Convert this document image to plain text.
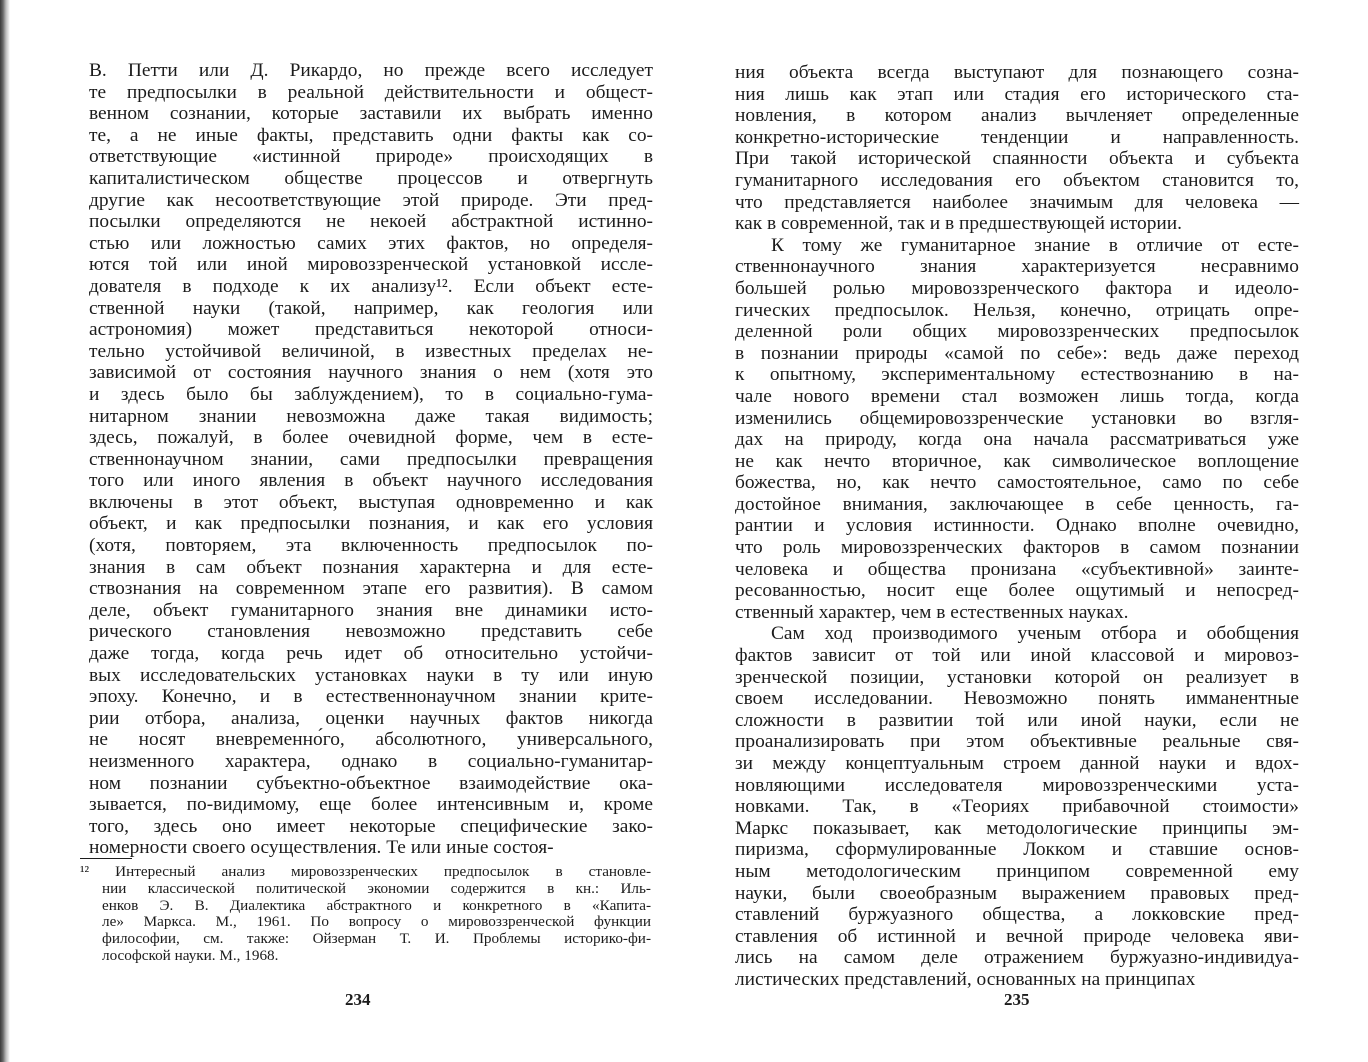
В. Петти или Д. Рикардо, но прежде всего исследует
те предпосылки в реальной действительности и общест-
венном сознании, которые заставили их выбрать именно
те, а не иные факты, представить одни факты как со-
ответствующие «истинной природе» происходящих в
капиталистическом обществе процессов и отвергнуть
другие как несоответствующие этой природе. Эти пред-
посылки определяются не некоей абстрактной истинно-
стью или ложностью самих этих фактов, но определя-
ются той или иной мировоззренческой установкой иссле-
дователя в подходе к их анализу¹². Если объект есте-
ственной науки (такой, например, как геология или
астрономия) может представиться некоторой относи-
тельно устойчивой величиной, в известных пределах не-
зависимой от состояния научного знания о нем (хотя это
и здесь было бы заблуждением), то в социально-гума-
нитарном знании невозможна даже такая видимость;
здесь, пожалуй, в более очевидной форме, чем в есте-
ственнонаучном знании, сами предпосылки превращения
того или иного явления в объект научного исследования
включены в этот объект, выступая одновременно и как
объект, и как предпосылки познания, и как его условия
(хотя, повторяем, эта включенность предпосылок по-
знания в сам объект познания характерна и для есте-
ствознания на современном этапе его развития). В самом
деле, объект гуманитарного знания вне динамики исто-
рического становления невозможно представить себе
даже тогда, когда речь идет об относительно устойчи-
вых исследовательских установках науки в ту или иную
эпоху. Конечно, и в естественнонаучном знании крите-
рии отбора, анализа, оценки научных фактов никогда
не носят вневременно́го, абсолютного, универсального,
неизменного характера, однако в социально-гуманитар-
ном познании субъектно-объектное взаимодействие ока-
зывается, по-видимому, еще более интенсивным и, кроме
того, здесь оно имеет некоторые специфические зако-
номерности своего осуществления. Те или иные состоя-
¹² Интересный анализ мировоззренческих предпосылок в становле-
нии классической политической экономии содержится в кн.: Иль-
енков Э. В. Диалектика абстрактного и конкретного в «Капита-
ле» Маркса. М., 1961. По вопросу о мировоззренческой функции
философии, см. также: Ойзерман Т. И. Проблемы историко-фи-
лософской науки. М., 1968.
234
ния объекта всегда выступают для познающего созна-
ния лишь как этап или стадия его исторического ста-
новления, в котором анализ вычленяет определенные
конкретно-исторические тенденции и направленность.
При такой исторической спаянности объекта и субъекта
гуманитарного исследования его объектом становится то,
что представляется наиболее значимым для человека —
как в современной, так и в предшествующей истории.
К тому же гуманитарное знание в отличие от есте-
ственнонаучного знания характеризуется несравнимо
большей ролью мировоззренческого фактора и идеоло-
гических предпосылок. Нельзя, конечно, отрицать опре-
деленной роли общих мировоззренческих предпосылок
в познании природы «самой по себе»: ведь даже переход
к опытному, экспериментальному естествознанию в на-
чале нового времени стал возможен лишь тогда, когда
изменились общемировоззренческие установки во взгля-
дах на природу, когда она начала рассматриваться уже
не как нечто вторичное, как символическое воплощение
божества, но, как нечто самостоятельное, само по себе
достойное внимания, заключающее в себе ценность, га-
рантии и условия истинности. Однако вполне очевидно,
что роль мировоззренческих факторов в самом познании
человека и общества пронизана «субъективной» заинте-
ресованностью, носит еще более ощутимый и непосред-
ственный характер, чем в естественных науках.
Сам ход производимого ученым отбора и обобщения
фактов зависит от той или иной классовой и мировоз-
зренческой позиции, установки которой он реализует в
своем исследовании. Невозможно понять имманентные
сложности в развитии той или иной науки, если не
проанализировать при этом объективные реальные свя-
зи между концептуальным строем данной науки и вдох-
новляющими исследователя мировоззренческими уста-
новками. Так, в «Теориях прибавочной стоимости»
Маркс показывает, как методологические принципы эм-
пиризма, сформулированные Локком и ставшие основ-
ным методологическим принципом современной ему
науки, были своеобразным выражением правовых пред-
ставлений буржуазного общества, а локковские пред-
ставления об истинной и вечной природе человека яви-
лись на самом деле отражением буржуазно-индивидуа-
листических представлений, основанных на принципах
235
